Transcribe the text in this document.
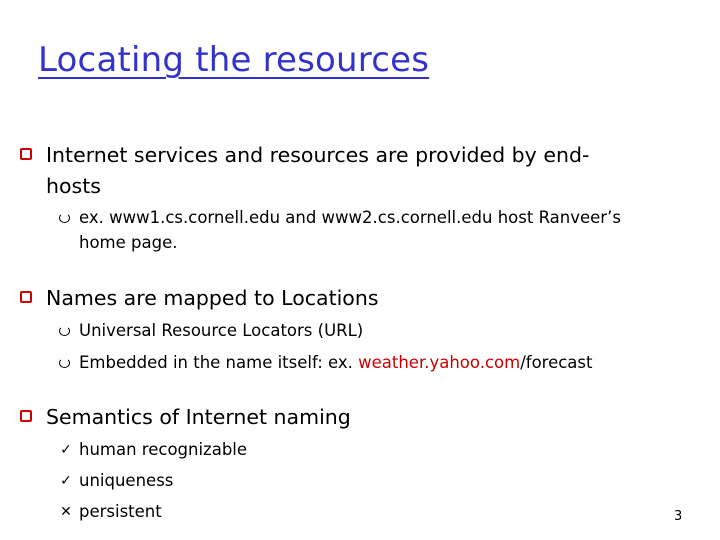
Locating the resources
Internet services and resources are provided by end-
hosts
ex. www1.cs.cornell.edu and www2.cs.cornell.edu host Ranveer’s
home page.
Names are mapped to Locations
Universal Resource Locators (URL)
Embedded in the name itself: ex. weather.yahoo.com/forecast
Semantics of Internet naming
✓ human recognizable
✓ uniqueness
✕ persistent	3
